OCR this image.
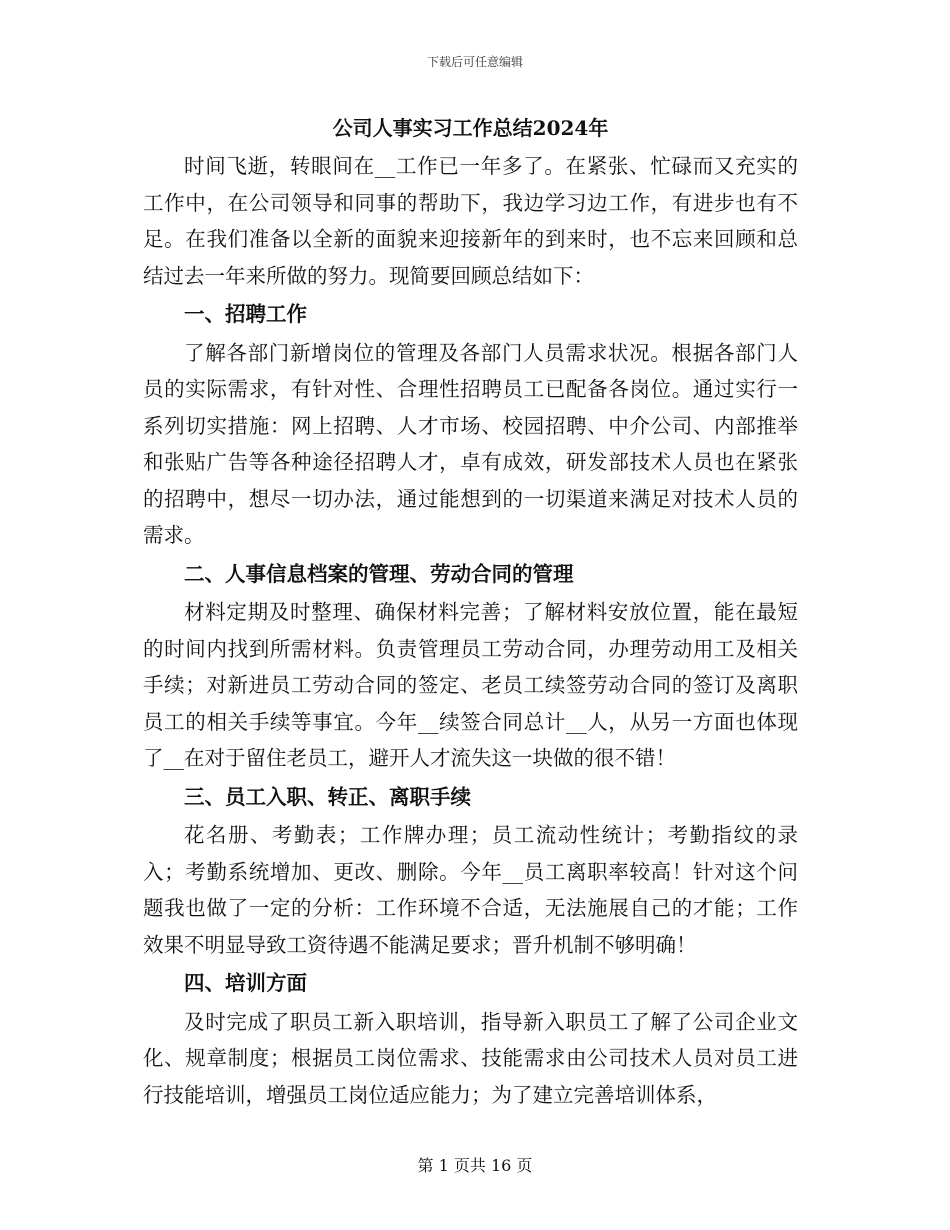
下载后可任意编辑
公司人事实习工作总结2024年

时间飞逝，转眼间在__工作已一年多了。在紧张、忙碌而又充实的工作中，在公司领导和同事的帮助下，我边学习边工作，有进步也有不足。在我们准备以全新的面貌来迎接新年的到来时，也不忘来回顾和总结过去一年来所做的努力。现简要回顾总结如下：

一、招聘工作

了解各部门新增岗位的管理及各部门人员需求状况。根据各部门人员的实际需求，有针对性、合理性招聘员工已配备各岗位。通过实行一系列切实措施：网上招聘、人才市场、校园招聘、中介公司、内部推举和张贴广告等各种途径招聘人才，卓有成效，研发部技术人员也在紧张的招聘中，想尽一切办法，通过能想到的一切渠道来满足对技术人员的需求。

二、人事信息档案的管理、劳动合同的管理

材料定期及时整理、确保材料完善；了解材料安放位置，能在最短的时间内找到所需材料。负责管理员工劳动合同，办理劳动用工及相关手续；对新进员工劳动合同的签定、老员工续签劳动合同的签订及离职员工的相关手续等事宜。今年__续签合同总计__人，从另一方面也体现了__在对于留住老员工，避开人才流失这一块做的很不错！

三、员工入职、转正、离职手续

花名册、考勤表；工作牌办理；员工流动性统计；考勤指纹的录入；考勤系统增加、更改、删除。今年__员工离职率较高！针对这个问题我也做了一定的分析：工作环境不合适，无法施展自己的才能；工作效果不明显导致工资待遇不能满足要求；晋升机制不够明确！

四、培训方面

及时完成了职员工新入职培训，指导新入职员工了解了公司企业文化、规章制度；根据员工岗位需求、技能需求由公司技术人员对员工进行技能培训，增强员工岗位适应能力；为了建立完善培训体系，

第 1 页共 16 页
